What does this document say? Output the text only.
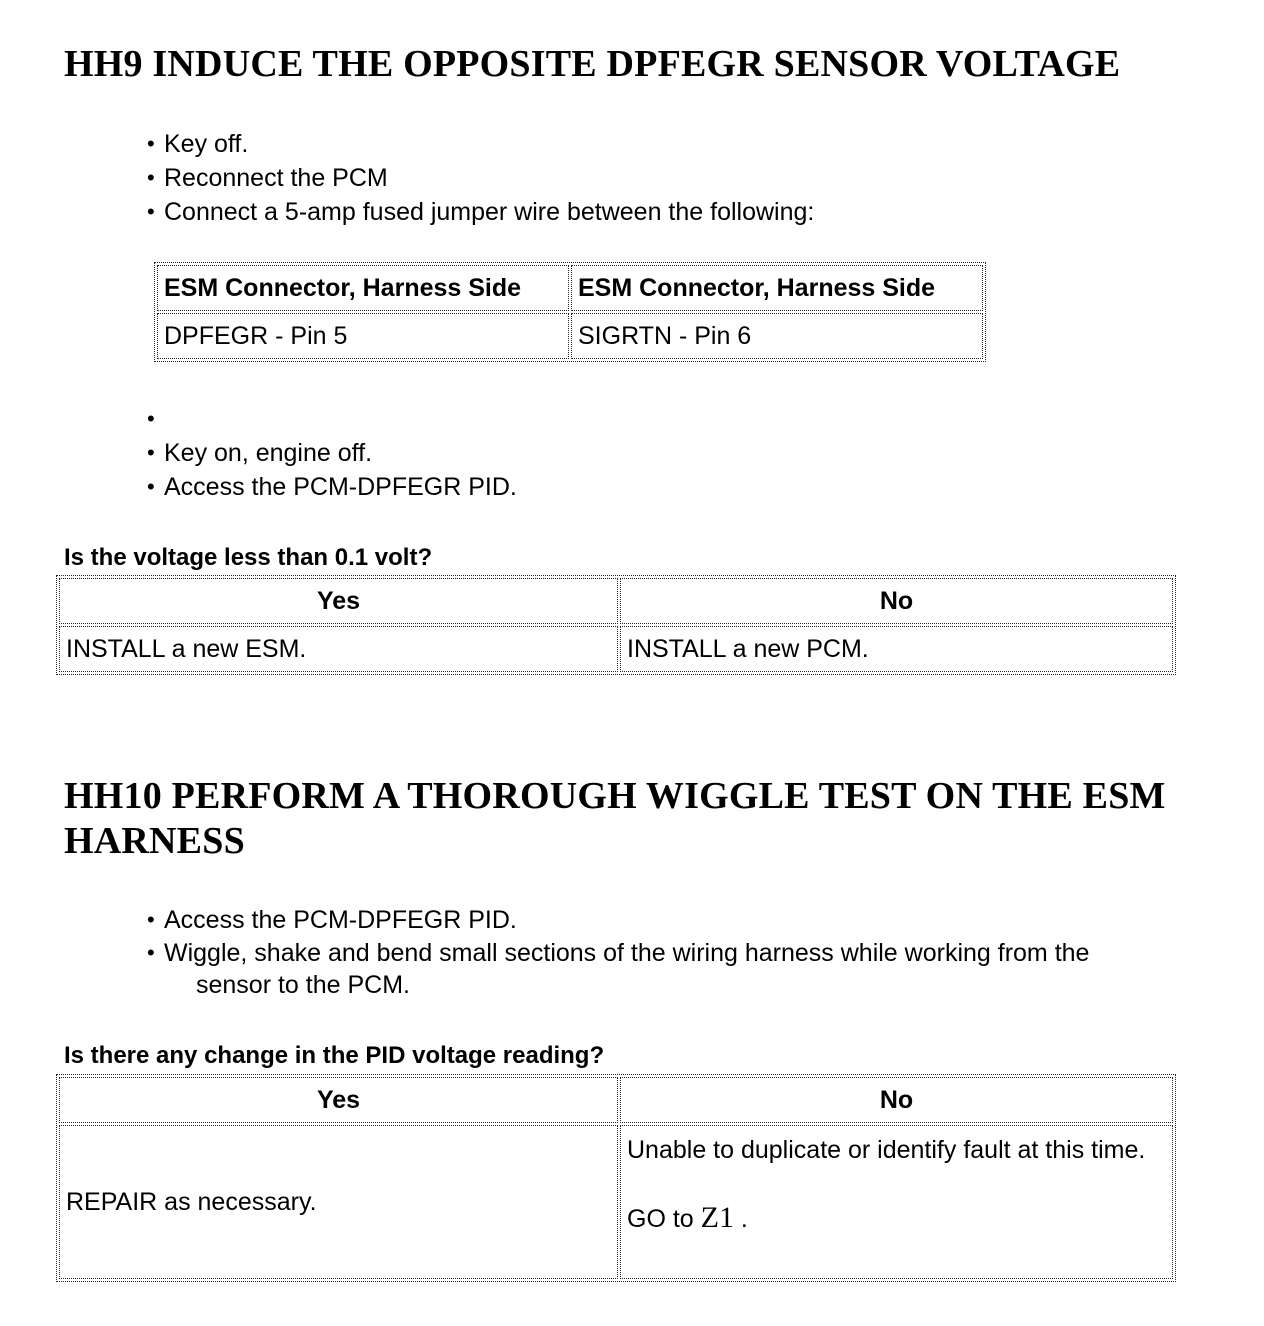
HH9 INDUCE THE OPPOSITE DPFEGR SENSOR VOLTAGE
• Key off.
• Reconnect the PCM
• Connect a 5-amp fused jumper wire between the following:
ESM Connector, Harness Side	ESM Connector, Harness Side
DPFEGR - Pin 5	SIGRTN - Pin 6
•

• Key on, engine off.
• Access the PCM-DPFEGR PID.

Is the voltage less than 0.1 volt?

Yes	No
INSTALL a new ESM.	INSTALL a new PCM.
HH10 PERFORM A THOROUGH WIGGLE TEST ON THE ESM HARNESS
• Access the PCM-DPFEGR PID.
• Wiggle, shake and bend small sections of the wiring harness while working from the
sensor to the PCM.

Is there any change in the PID voltage reading?

Yes	No
REPAIR as necessary.	Unable to duplicate or identify fault at this time.
GO to Z1 .
